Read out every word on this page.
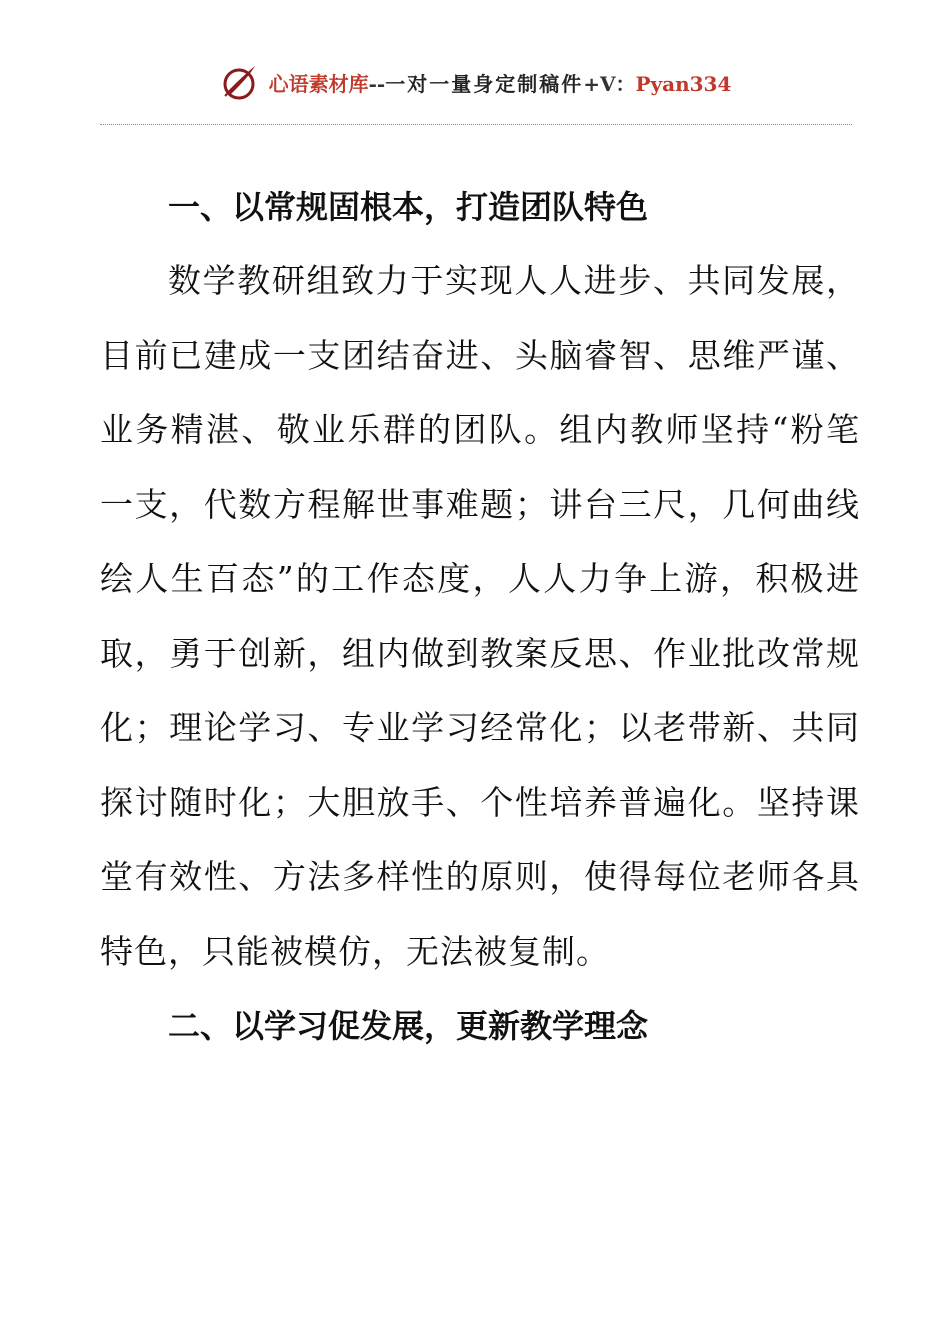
心语素材库--一对一量身定制稿件+V：Pyan334
一、以常规固根本，打造团队特色

数学教研组致力于实现人人进步、共同发展，目前已建成一支团结奋进、头脑睿智、思维严谨、业务精湛、敬业乐群的团队。组内教师坚持“粉笔一支，代数方程解世事难题；讲台三尺，几何曲线绘人生百态”的工作态度，人人力争上游，积极进取，勇于创新，组内做到教案反思、作业批改常规化；理论学习、专业学习经常化；以老带新、共同探讨随时化；大胆放手、个性培养普遍化。坚持课堂有效性、方法多样性的原则，使得每位老师各具特色，只能被模仿，无法被复制。

二、以学习促发展，更新教学理念
